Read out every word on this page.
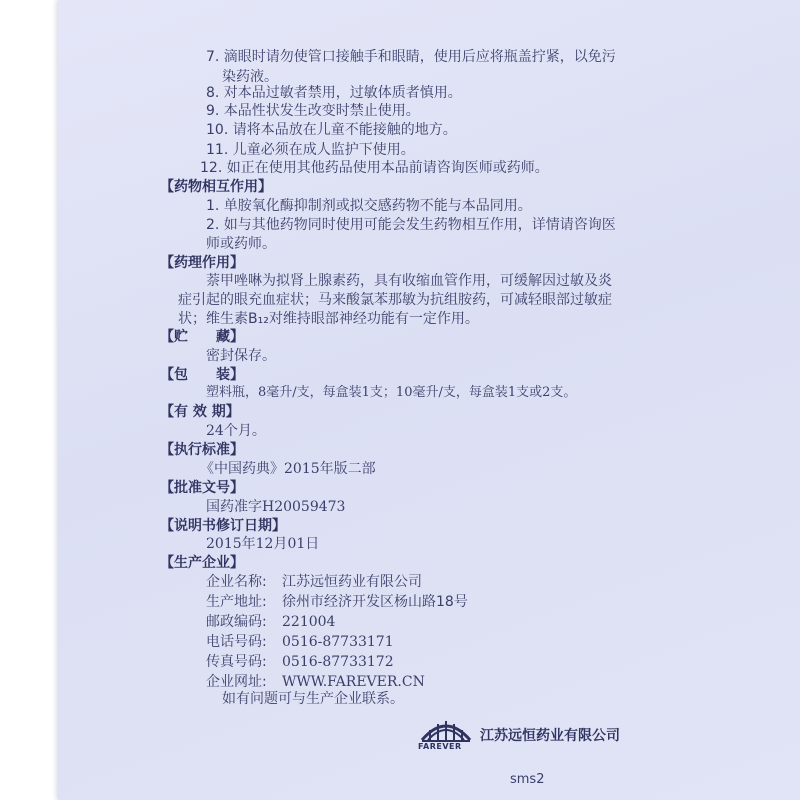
7. 滴眼时请勿使管口接触手和眼睛，使用后应将瓶盖拧紧，以免污
染药液。
8. 对本品过敏者禁用，过敏体质者慎用。
9. 本品性状发生改变时禁止使用。
10. 请将本品放在儿童不能接触的地方。
11. 儿童必须在成人监护下使用。
12. 如正在使用其他药品使用本品前请咨询医师或药师。
【药物相互作用】
1. 单胺氧化酶抑制剂或拟交感药物不能与本品同用。
2. 如与其他药物同时使用可能会发生药物相互作用，详情请咨询医
师或药师。
【药理作用】
萘甲唑啉为拟肾上腺素药，具有收缩血管作用，可缓解因过敏及炎
症引起的眼充血症状；马来酸氯苯那敏为抗组胺药，可减轻眼部过敏症
状；维生素B₁₂对维持眼部神经功能有一定作用。
【贮　　藏】
密封保存。
【包　　装】
塑料瓶，8毫升/支，每盒装1支；10毫升/支，每盒装1支或2支。
【有 效 期】
24个月。
【执行标准】
《中国药典》2015年版二部
【批准文号】
国药准字H20059473
【说明书修订日期】
2015年12月01日
【生产企业】
企业名称: 江苏远恒药业有限公司
生产地址: 徐州市经济开发区杨山路18号
邮政编码: 221004
电话号码: 0516-87733171
传真号码: 0516-87733172
企业网址: WWW.FAREVER.CN
如有问题可与生产企业联系。
FAREVER
江苏远恒药业有限公司
sms2
